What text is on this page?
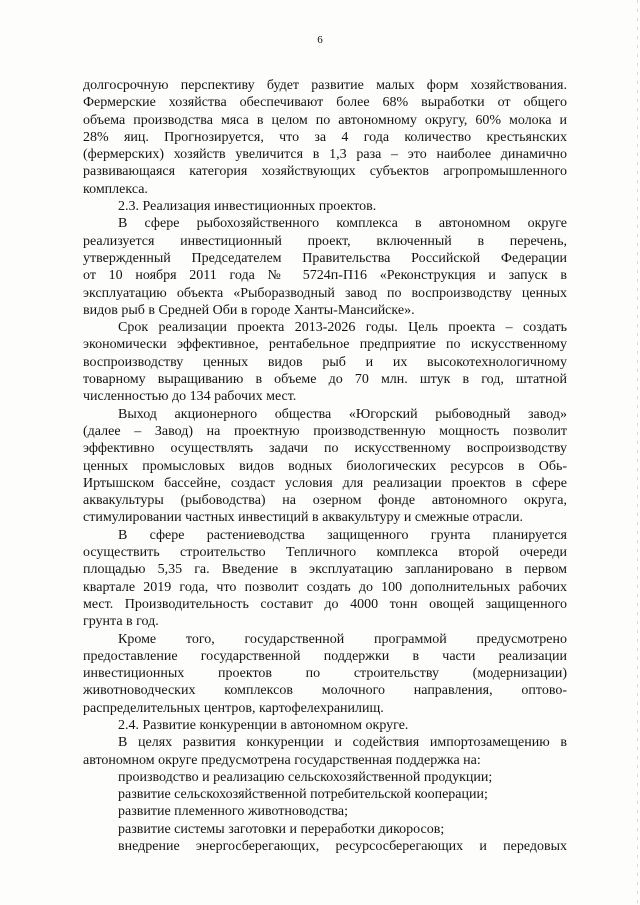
6

долгосрочную перспективу будет развитие малых форм хозяйствования.

Фермерские хозяйства обеспечивают более 68% выработки от общего

объема производства мяса в целом по автономному округу, 60% молока и

28% яиц. Прогнозируется, что за 4 года количество крестьянских

(фермерских) хозяйств увеличится в 1,3 раза – это наиболее динамично

развивающаяся категория хозяйствующих субъектов агропромышленного

комплекса.

2.3. Реализация инвестиционных проектов.

В сфере рыбохозяйственного комплекса в автономном округе

реализуется инвестиционный проект, включенный в перечень,

утвержденный Председателем Правительства Российской Федерации

от 10 ноября 2011 года № 5724п-П16 «Реконструкция и запуск в

эксплуатацию объекта «Рыборазводный завод по воспроизводству ценных

видов рыб в Средней Оби в городе Ханты-Мансийске».

Срок реализации проекта 2013-2026 годы. Цель проекта – создать

экономически эффективное, рентабельное предприятие по искусственному

воспроизводству ценных видов рыб и их высокотехнологичному

товарному выращиванию в объеме до 70 млн. штук в год, штатной

численностью до 134 рабочих мест.

Выход акционерного общества «Югорский рыбоводный завод»

(далее – Завод) на проектную производственную мощность позволит

эффективно осуществлять задачи по искусственному воспроизводству

ценных промысловых видов водных биологических ресурсов в Обь-

Иртышском бассейне, создаст условия для реализации проектов в сфере

аквакультуры (рыбоводства) на озерном фонде автономного округа,

стимулировании частных инвестиций в аквакультуру и смежные отрасли.

В сфере растениеводства защищенного грунта планируется

осуществить строительство Тепличного комплекса второй очереди

площадью 5,35 га. Введение в эксплуатацию запланировано в первом

квартале 2019 года, что позволит создать до 100 дополнительных рабочих

мест. Производительность составит до 4000 тонн овощей защищенного

грунта в год.

Кроме того, государственной программой предусмотрено

предоставление государственной поддержки в части реализации

инвестиционных проектов по строительству (модернизации)

животноводческих комплексов молочного направления, оптово-

распределительных центров, картофелехранилищ.

2.4. Развитие конкуренции в автономном округе.

В целях развития конкуренции и содействия импортозамещению в

автономном округе предусмотрена государственная поддержка на:

производство и реализацию сельскохозяйственной продукции;

развитие сельскохозяйственной потребительской кооперации;

развитие племенного животноводства;

развитие системы заготовки и переработки дикоросов;

внедрение энергосберегающих, ресурсосберегающих и передовых
